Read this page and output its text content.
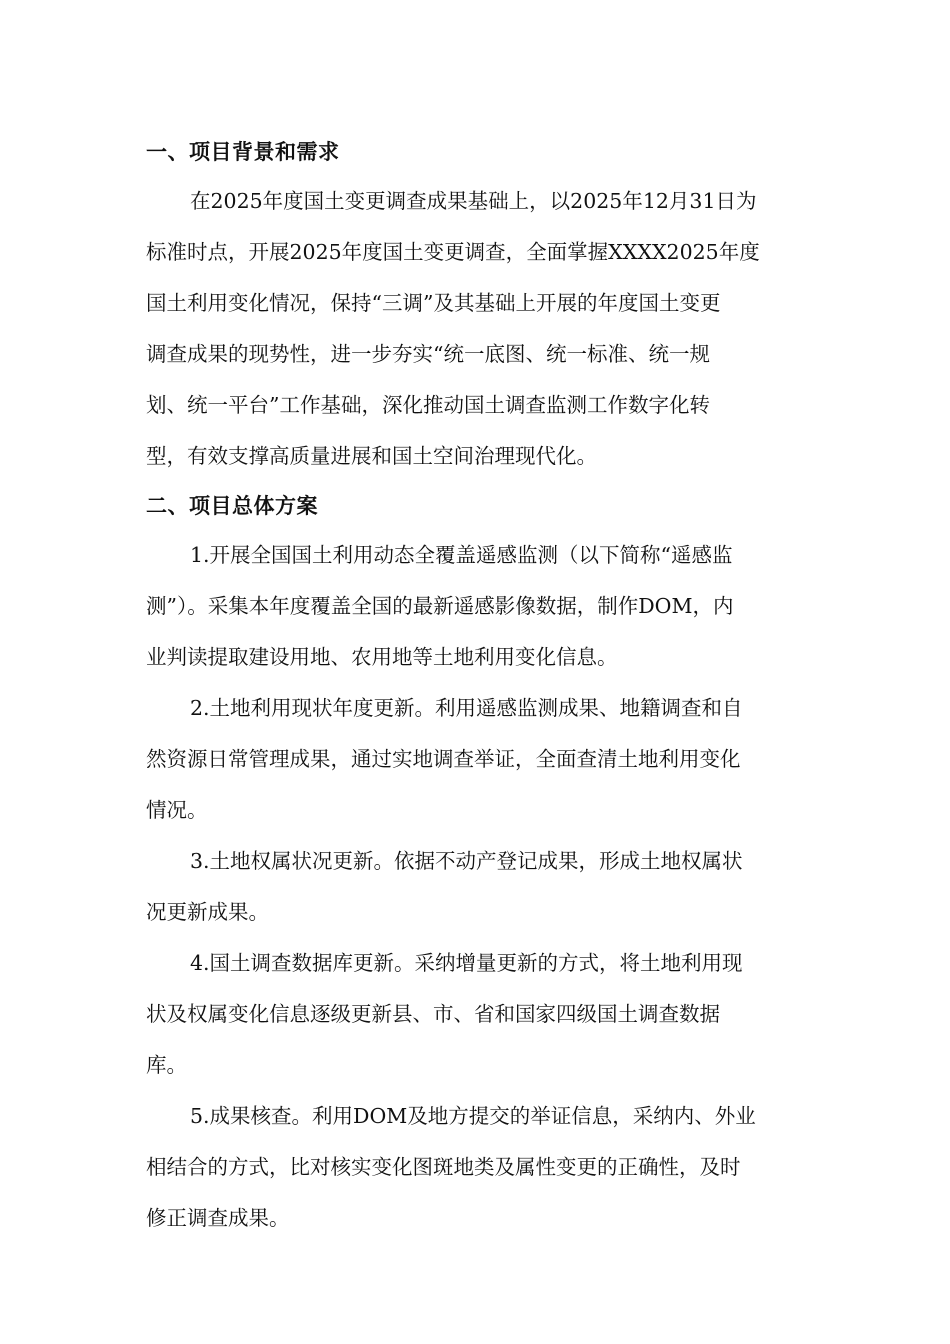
一、项目背景和需求

在2025年度国土变更调查成果基础上，以2025年12月31日为
标准时点，开展2025年度国土变更调查，全面掌握XXXX2025年度
国土利用变化情况，保持“三调”及其基础上开展的年度国土变更
调查成果的现势性，进一步夯实“统一底图、统一标准、统一规
划、统一平台”工作基础，深化推动国土调查监测工作数字化转
型，有效支撑高质量进展和国土空间治理现代化。

二、项目总体方案

1.开展全国国土利用动态全覆盖遥感监测（以下简称“遥感监
测”）。采集本年度覆盖全国的最新遥感影像数据，制作DOM，内
业判读提取建设用地、农用地等土地利用变化信息。

2.土地利用现状年度更新。利用遥感监测成果、地籍调查和自
然资源日常管理成果，通过实地调查举证，全面查清土地利用变化
情况。

3.土地权属状况更新。依据不动产登记成果，形成土地权属状
况更新成果。

4.国土调查数据库更新。采纳增量更新的方式，将土地利用现
状及权属变化信息逐级更新县、市、省和国家四级国土调查数据
库。

5.成果核查。利用DOM及地方提交的举证信息，采纳内、外业
相结合的方式，比对核实变化图斑地类及属性变更的正确性，及时
修正调查成果。
